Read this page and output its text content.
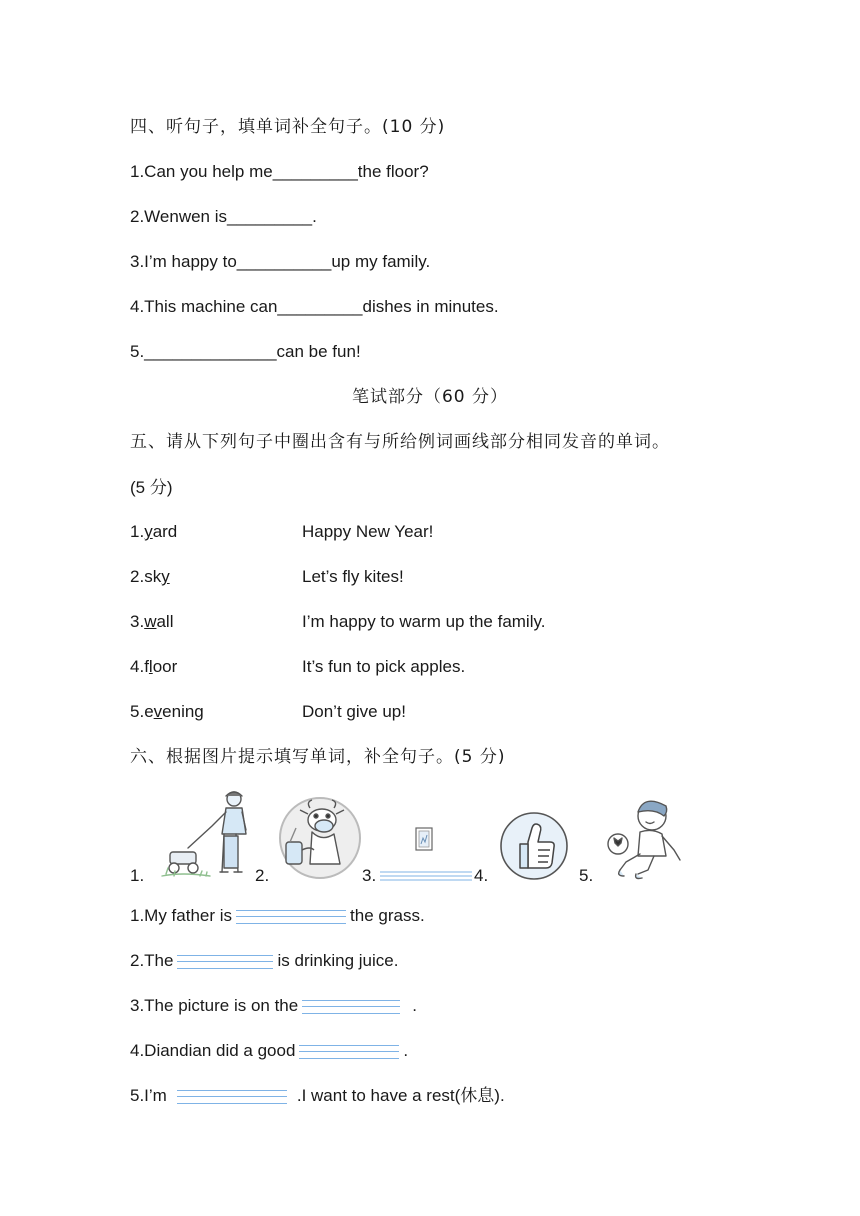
四、听句子，填单词补全句子。(10 分)
1.Can you help me_________the floor?
2.Wenwen is_________.
3.I’m happy to__________up my family.
4.This machine can_________dishes in minutes.
5.______________can be fun!
笔试部分（60 分）
五、请从下列句子中圈出含有与所给例词画线部分相同发音的单词。
(5 分)
1.yard	Happy New Year!
2.sky	Let’s fly kites!
3.wall	I’m happy to warm up the family.
4.floor	It’s fun to pick apples.
5.evening	Don’t give up!
六、根据图片提示填写单词，补全句子。(5 分)
1.	2.	3.	4.	5.
1.My father is	the grass.
2.The	is drinking juice.
3.The picture is on the	.
4.Diandian did a good	.
5.I’m	.I want to have a rest(休息).
